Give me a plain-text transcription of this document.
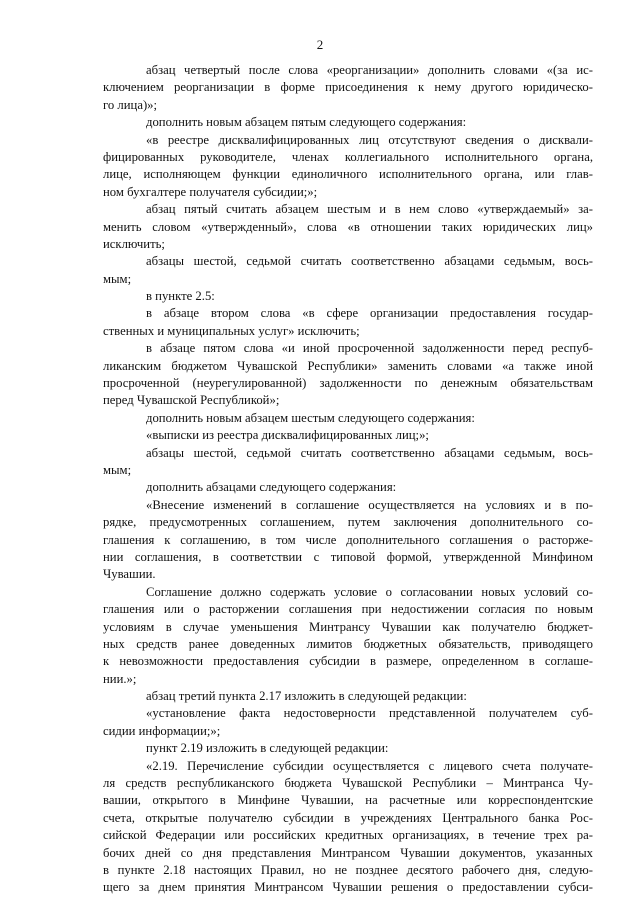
2
абзац четвертый после слова «реорганизации» дополнить словами «(за ис-
ключением реорганизации в форме присоединения к нему другого юридическо-
го лица)»;
дополнить новым абзацем пятым следующего содержания:
«в реестре дисквалифицированных лиц отсутствуют сведения о дисквали-
фицированных руководителе, членах коллегиального исполнительного органа,
лице, исполняющем функции единоличного исполнительного органа, или глав-
ном бухгалтере получателя субсидии;»;
абзац пятый считать абзацем шестым и в нем слово «утверждаемый» за-
менить словом «утвержденный», слова «в отношении таких юридических лиц»
исключить;
абзацы шестой, седьмой считать соответственно абзацами седьмым, вось-
мым;
в пункте 2.5:
в абзаце втором слова «в сфере организации предоставления государ-
ственных и муниципальных услуг» исключить;
в абзаце пятом слова «и иной просроченной задолженности перед респуб-
ликанским бюджетом Чувашской Республики» заменить словами «а также иной
просроченной (неурегулированной) задолженности по денежным обязательствам
перед Чувашской Республикой»;
дополнить новым абзацем шестым следующего содержания:
«выписки из реестра дисквалифицированных лиц;»;
абзацы шестой, седьмой считать соответственно абзацами седьмым, вось-
мым;
дополнить абзацами следующего содержания:
«Внесение изменений в соглашение осуществляется на условиях и в по-
рядке, предусмотренных соглашением, путем заключения дополнительного со-
глашения к соглашению, в том числе дополнительного соглашения о расторже-
нии соглашения, в соответствии с типовой формой, утвержденной Минфином
Чувашии.
Соглашение должно содержать условие о согласовании новых условий со-
глашения или о расторжении соглашения при недостижении согласия по новым
условиям в случае уменьшения Минтрансу Чувашии как получателю бюджет-
ных средств ранее доведенных лимитов бюджетных обязательств, приводящего
к невозможности предоставления субсидии в размере, определенном в соглаше-
нии.»;
абзац третий пункта 2.17 изложить в следующей редакции:
«установление факта недостоверности представленной получателем суб-
сидии информации;»;
пункт 2.19 изложить в следующей редакции:
«2.19. Перечисление субсидии осуществляется с лицевого счета получате-
ля средств республиканского бюджета Чувашской Республики – Минтранса Чу-
вашии, открытого в Минфине Чувашии, на расчетные или корреспондентские
счета, открытые получателю субсидии в учреждениях Центрального банка Рос-
сийской Федерации или российских кредитных организациях, в течение трех ра-
бочих дней со дня представления Минтрансом Чувашии документов, указанных
в пункте 2.18 настоящих Правил, но не позднее десятого рабочего дня, следую-
щего за днем принятия Минтрансом Чувашии решения о предоставлении субси-
